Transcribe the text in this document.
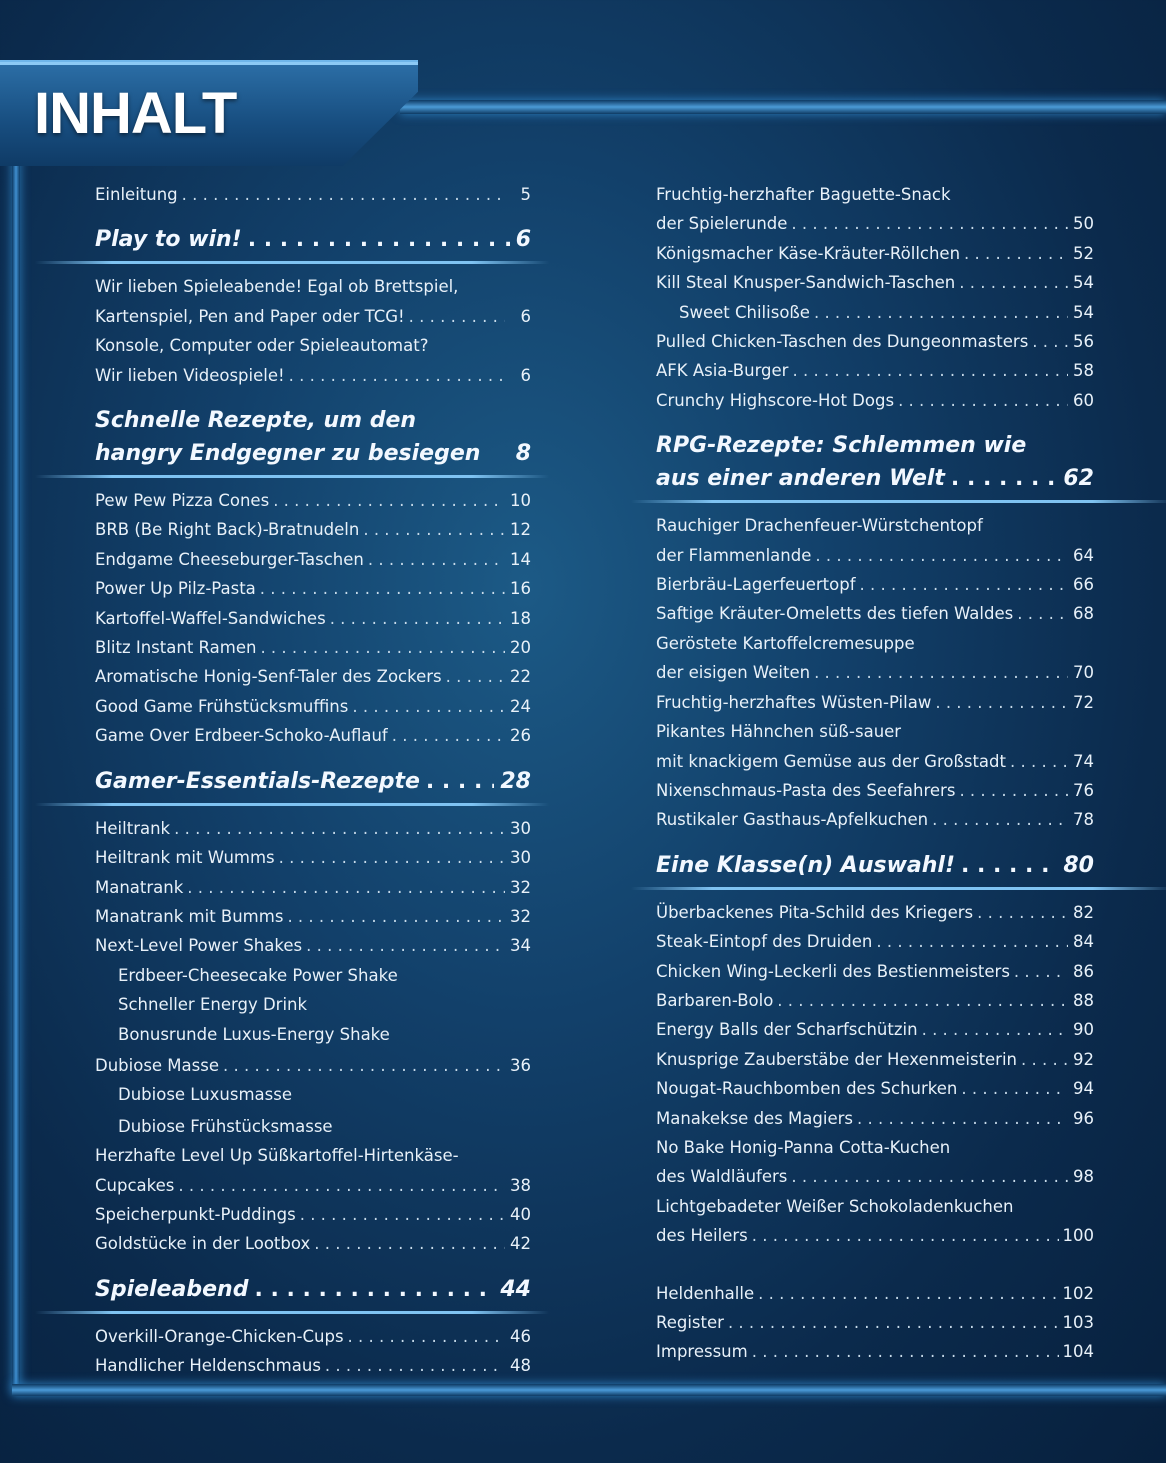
INHALT
Einleitung . . .	5
Play to win! . . .	6
Wir lieben Spieleabende! Egal ob Brettspiel,
Kartenspiel, Pen and Paper oder TCG! . . .	6
Konsole, Computer oder Spieleautomat?
Wir lieben Videospiele! . . .	6
Schnelle Rezepte, um den
hangry Endgegner zu besiegen 8
Pew Pew Pizza Cones . . .	10
BRB (Be Right Back)-Bratnudeln . . .	12
Endgame Cheeseburger-Taschen . . .	14
Power Up Pilz-Pasta . . .	16
Kartoffel-Waffel-Sandwiches . . .	18
Blitz Instant Ramen . . .	20
Aromatische Honig-Senf-Taler des Zockers . . .	22
Good Game Frühstücksmuffins . . .	24
Game Over Erdbeer-Schoko-Auflauf . . .	26
Gamer-Essentials-Rezepte . . .	28
Heiltrank . . .	30
Heiltrank mit Wumms . . .	30
Manatrank . . .	32
Manatrank mit Bumms . . .	32
Next-Level Power Shakes . . .	34
Erdbeer-Cheesecake Power Shake
Schneller Energy Drink
Bonusrunde Luxus-Energy Shake
Dubiose Masse . . .	36
Dubiose Luxusmasse
Dubiose Frühstücksmasse
Herzhafte Level Up Süßkartoffel-Hirtenkäse-
Cupcakes . . .	38
Speicherpunkt-Puddings . . .	40
Goldstücke in der Lootbox . . .	42
Spieleabend . . .	44
Overkill-Orange-Chicken-Cups . . .	46
Handlicher Heldenschmaus . . .	48
Fruchtig-herzhafter Baguette-Snack
der Spielerunde . . .	50
Königsmacher Käse-Kräuter-Röllchen . . .	52
Kill Steal Knusper-Sandwich-Taschen . . .	54
Sweet Chilisoße . . .	54
Pulled Chicken-Taschen des Dungeonmasters . . .	56
AFK Asia-Burger . . .	58
Crunchy Highscore-Hot Dogs . . .	60
RPG-Rezepte: Schlemmen wie
aus einer anderen Welt . . .	62
Rauchiger Drachenfeuer-Würstchentopf
der Flammenlande . . .	64
Bierbräu-Lagerfeuertopf . . .	66
Saftige Kräuter-Omeletts des tiefen Waldes . . .	68
Geröstete Kartoffelcremesuppe
der eisigen Weiten . . .	70
Fruchtig-herzhaftes Wüsten-Pilaw . . .	72
Pikantes Hähnchen süß-sauer
mit knackigem Gemüse aus der Großstadt . . .	74
Nixenschmaus-Pasta des Seefahrers . . .	76
Rustikaler Gasthaus-Apfelkuchen . . .	78
Eine Klasse(n) Auswahl! . . .	80
Überbackenes Pita-Schild des Kriegers . . .	82
Steak-Eintopf des Druiden . . .	84
Chicken Wing-Leckerli des Bestienmeisters . . .	86
Barbaren-Bolo . . .	88
Energy Balls der Scharfschützin . . .	90
Knusprige Zauberstäbe der Hexenmeisterin . . .	92
Nougat-Rauchbomben des Schurken . . .	94
Manakekse des Magiers . . .	96
No Bake Honig-Panna Cotta-Kuchen
des Waldläufers . . .	98
Lichtgebadeter Weißer Schokoladenkuchen
des Heilers . . .	100
Heldenhalle . . .	102
Register . . .	103
Impressum . . .	104
